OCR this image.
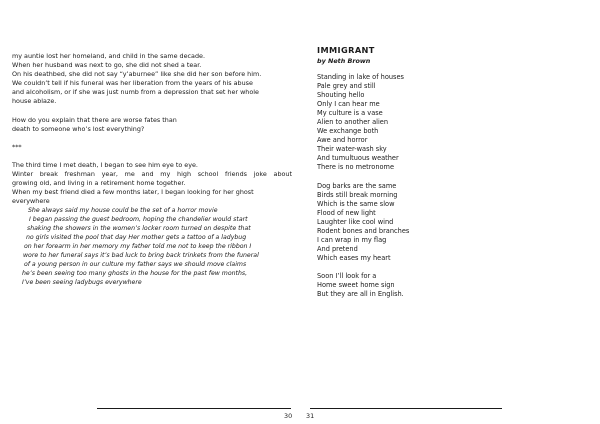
my auntie lost her homeland, and child in the same decade.

When her husband was next to go, she did not shed a tear.

On his deathbed, she did not say “y’aburnee” like she did her son before him.

We couldn’t tell if his funeral was her liberation from the years of his abuse

and alcoholism, or if she was just numb from a depression that set her whole

house ablaze.

How do you explain that there are worse fates than

death to someone who’s lost everything?

***

The third time I met death, I began to see him eye to eye.

Winter break freshman year, me and my high school friends joke about

growing old, and living in a retirement home together.

When my best friend died a few months later, I began looking for her ghost

everywhere

She always said my house could be the set of a horror movie

I began passing the guest bedroom, hoping the chandelier would start

shaking the showers in the women’s locker room turned on despite that

no girls visited the pool that day Her mother gets a tattoo of a ladybug

on her forearm in her memory my father told me not to keep the ribbon I

wore to her funeral says it’s bad luck to bring back trinkets from the funeral

of a young person in our culture my father says we should move claims

he’s been seeing too many ghosts in the house for the past few months,

I’ve been seeing ladybugs everywhere

30

IMMIGRANT

by Neth Brown

Standing in lake of houses

Pale grey and still

Shouting hello

Only I can hear me

My culture is a vase

Alien to another alien

We exchange both

Awe and horror

Their water-wash sky

And tumultuous weather

There is no metronome

Dog barks are the same

Birds still break morning

Which is the same slow

Flood of new light

Laughter like cool wind

Rodent bones and branches

I can wrap in my flag

And pretend

Which eases my heart

Soon I’ll look for a

Home sweet home sign

But they are all in English.

31
